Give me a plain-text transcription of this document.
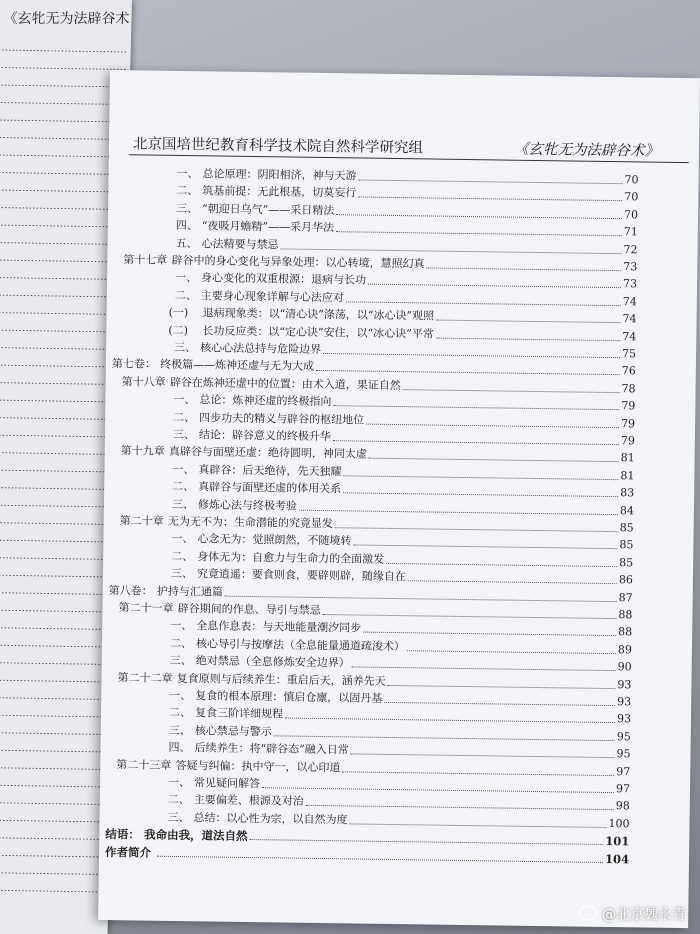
《玄牝无为法辟谷术
北京国培世纪教育科学技术院自然科学研究组	《玄牝无为法辟谷术》
一、 总论原理：阴阳相济，神与天游	70
二、 筑基前提：无此根基，切莫妄行	70
三、 “朝迎日乌气”——采日精法	70
四、 “夜吸月蟾精”——采月华法	71
五、 心法精要与禁忌	72
第十七章 辟谷中的身心变化与异象处理：以心转境，慧照幻真	73
一、 身心变化的双重根源：退病与长功	73
二、 主要身心现象详解与心法应对	74
(一) 退病现象类：以“清心诀”涤荡，以“冰心诀”观照	74
(二) 长功反应类：以“定心诀”安住，以“冰心诀”平常	74
三、 核心心法总持与危险边界	75
第七卷： 终极篇——炼神还虚与无为大成	76
第十八章 辟谷在炼神还虚中的位置：由术入道，果证自然	78
一、 总论：炼神还虚的终极指向	79
二、 四步功夫的精义与辟谷的枢纽地位	79
三、 结论：辟谷意义的终极升华	79
第十九章 真辟谷与面壁还虚：绝待圆明，神同太虚	81
一、 真辟谷：后天绝待，先天独耀	81
二、 真辟谷与面壁还虚的体用关系	83
三、 修炼心法与终极考验	84
第二十章 无为无不为：生命潜能的究竟显发	85
一、 心念无为：觉照朗然，不随境转	85
二、 身体无为：自愈力与生命力的全面激发	85
三、 究竟逍遥：要食则食，要辟则辟，随缘自在	86
第八卷： 护持与汇通篇	87
第二十一章 辟谷期间的作息、导引与禁忌	88
一、 全息作息表：与天地能量潮汐同步	88
二、 核心导引与按摩法（全息能量通道疏浚术）	89
三、 绝对禁忌（全息修炼安全边界）	90
第二十二章 复食原则与后续养生：重启后天，涵养先天	93
一、 复食的根本原理：慎启仓廪，以固丹基	93
二、 复食三阶详细规程	93
三、 核心禁忌与警示	95
四、 后续养生：将“辟谷态”融入日常	95
第二十三章 答疑与纠偏：执中守一，以心印道	97
一、 常见疑问解答	97
二、 主要偏差、根源及对治	98
三、 总结：以心性为宗，以自然为度	100
结语： 我命由我，道法自然	101
作者简介	104
@北京魏永青
